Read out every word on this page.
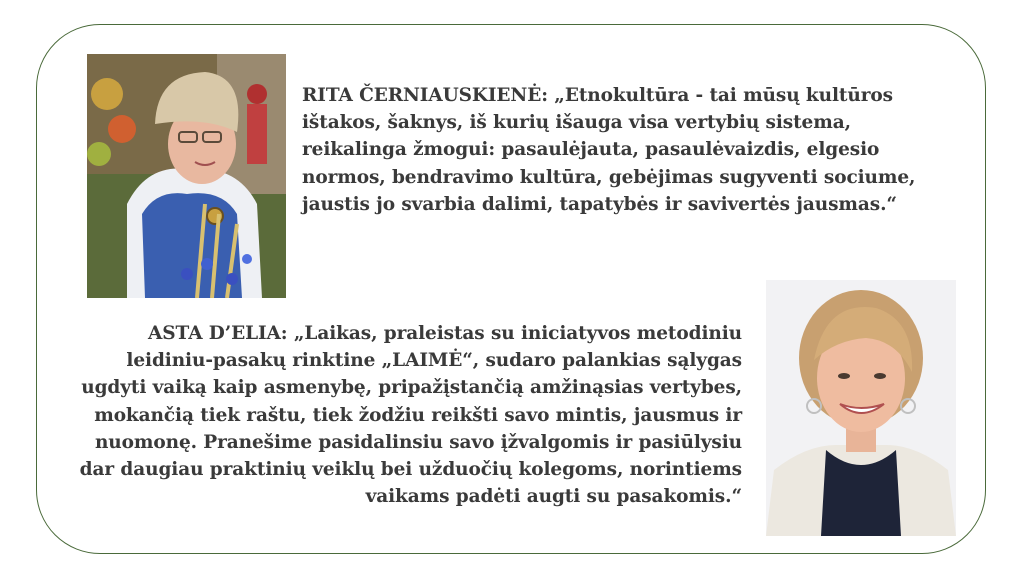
RITA ČERNIAUSKIENĖ: „Etnokultūra - tai mūsų kultūros
ištakos, šaknys, iš kurių išauga visa vertybių sistema,
reikalinga žmogui: pasaulėjauta, pasaulėvaizdis, elgesio
normos, bendravimo kultūra, gebėjimas sugyventi sociume,
jaustis jo svarbia dalimi, tapatybės ir savivertės jausmas.“
ASTA D’ELIA: „Laikas, praleistas su iniciatyvos metodiniu
leidiniu-pasakų rinktine „LAIMĖ“, sudaro palankias sąlygas
ugdyti vaiką kaip asmenybę, pripažįstančią amžinąsias vertybes,
mokančią tiek raštu, tiek žodžiu reikšti savo mintis, jausmus ir
nuomonę. Pranešime pasidalinsiu savo įžvalgomis ir pasiūlysiu
dar daugiau praktinių veiklų bei užduočių kolegoms, norintiems
vaikams padėti augti su pasakomis.“
